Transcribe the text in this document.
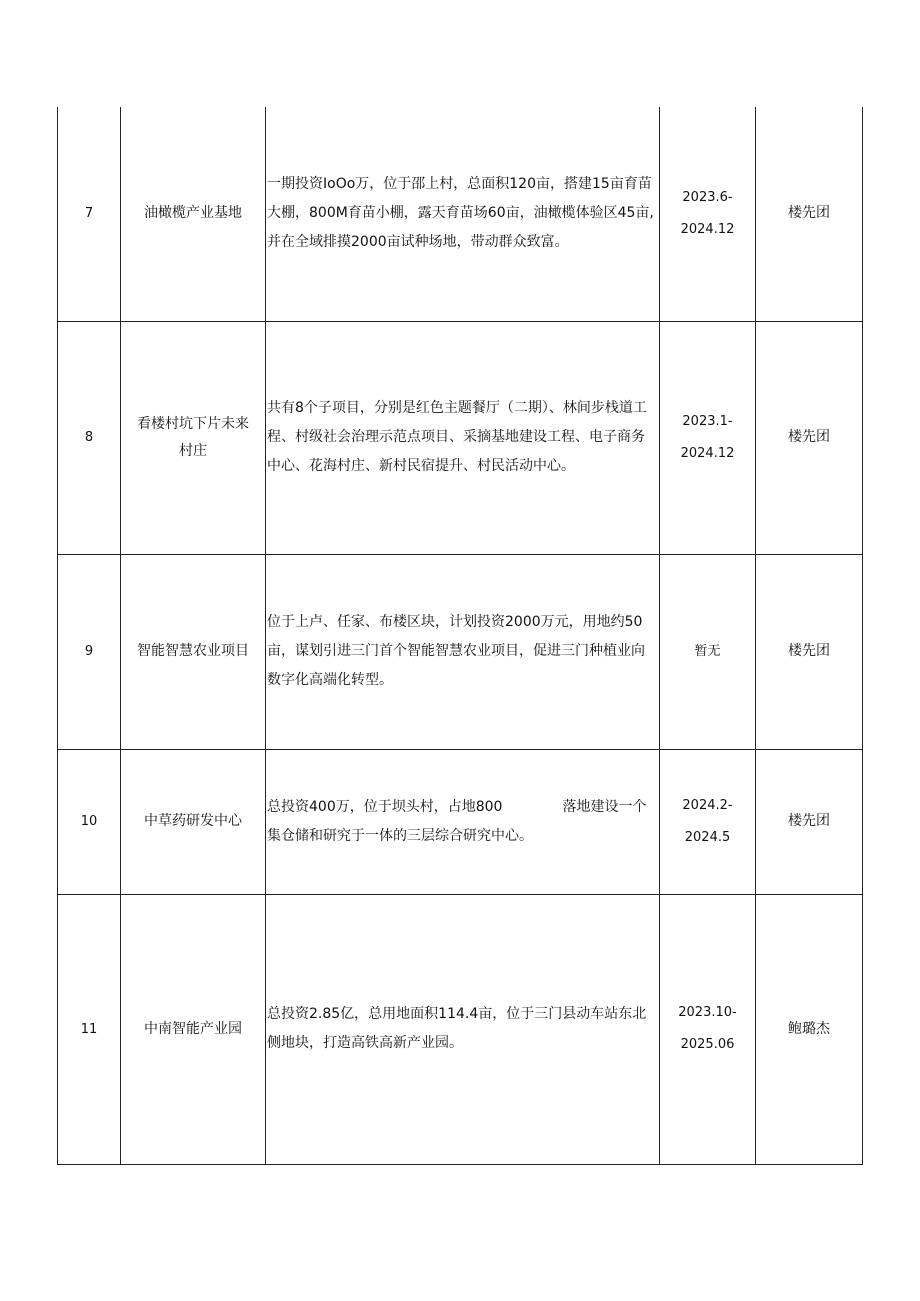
7	油橄榄产业基地	一期投资IoOo万，位于邵上村，总面积120亩，搭建15亩育苗大棚，800M育苗小棚，露天育苗场60亩，油橄榄体验区45亩,并在全域排摸2000亩试种场地，带动群众致富。	2023.6-
2024.12	楼先团
8	看楼村坑下片未来村庄	共有8个子项目，分别是红色主题餐厅（二期）、林间步栈道工程、村级社会治理示范点项目、采摘基地建设工程、电子商务中心、花海村庄、新村民宿提升、村民活动中心。	2023.1-
2024.12	楼先团
9	智能智慧农业项目	位于上卢、任家、布楼区块，计划投资2000万元，用地约50亩，谋划引进三门首个智能智慧农业项目，促进三门种植业向数字化高端化转型。	暂无	楼先团
10	中草药研发中心	总投资400万，位于坝头村，占地800 落地建设一个集仓储和研究于一体的三层综合研究中心。	2024.2-
2024.5	楼先团
11	中南智能产业园	总投资2.85亿，总用地面积114.4亩，位于三门县动车站东北侧地块，打造高铁高新产业园。	2023.10-
2025.06	鲍璐杰
